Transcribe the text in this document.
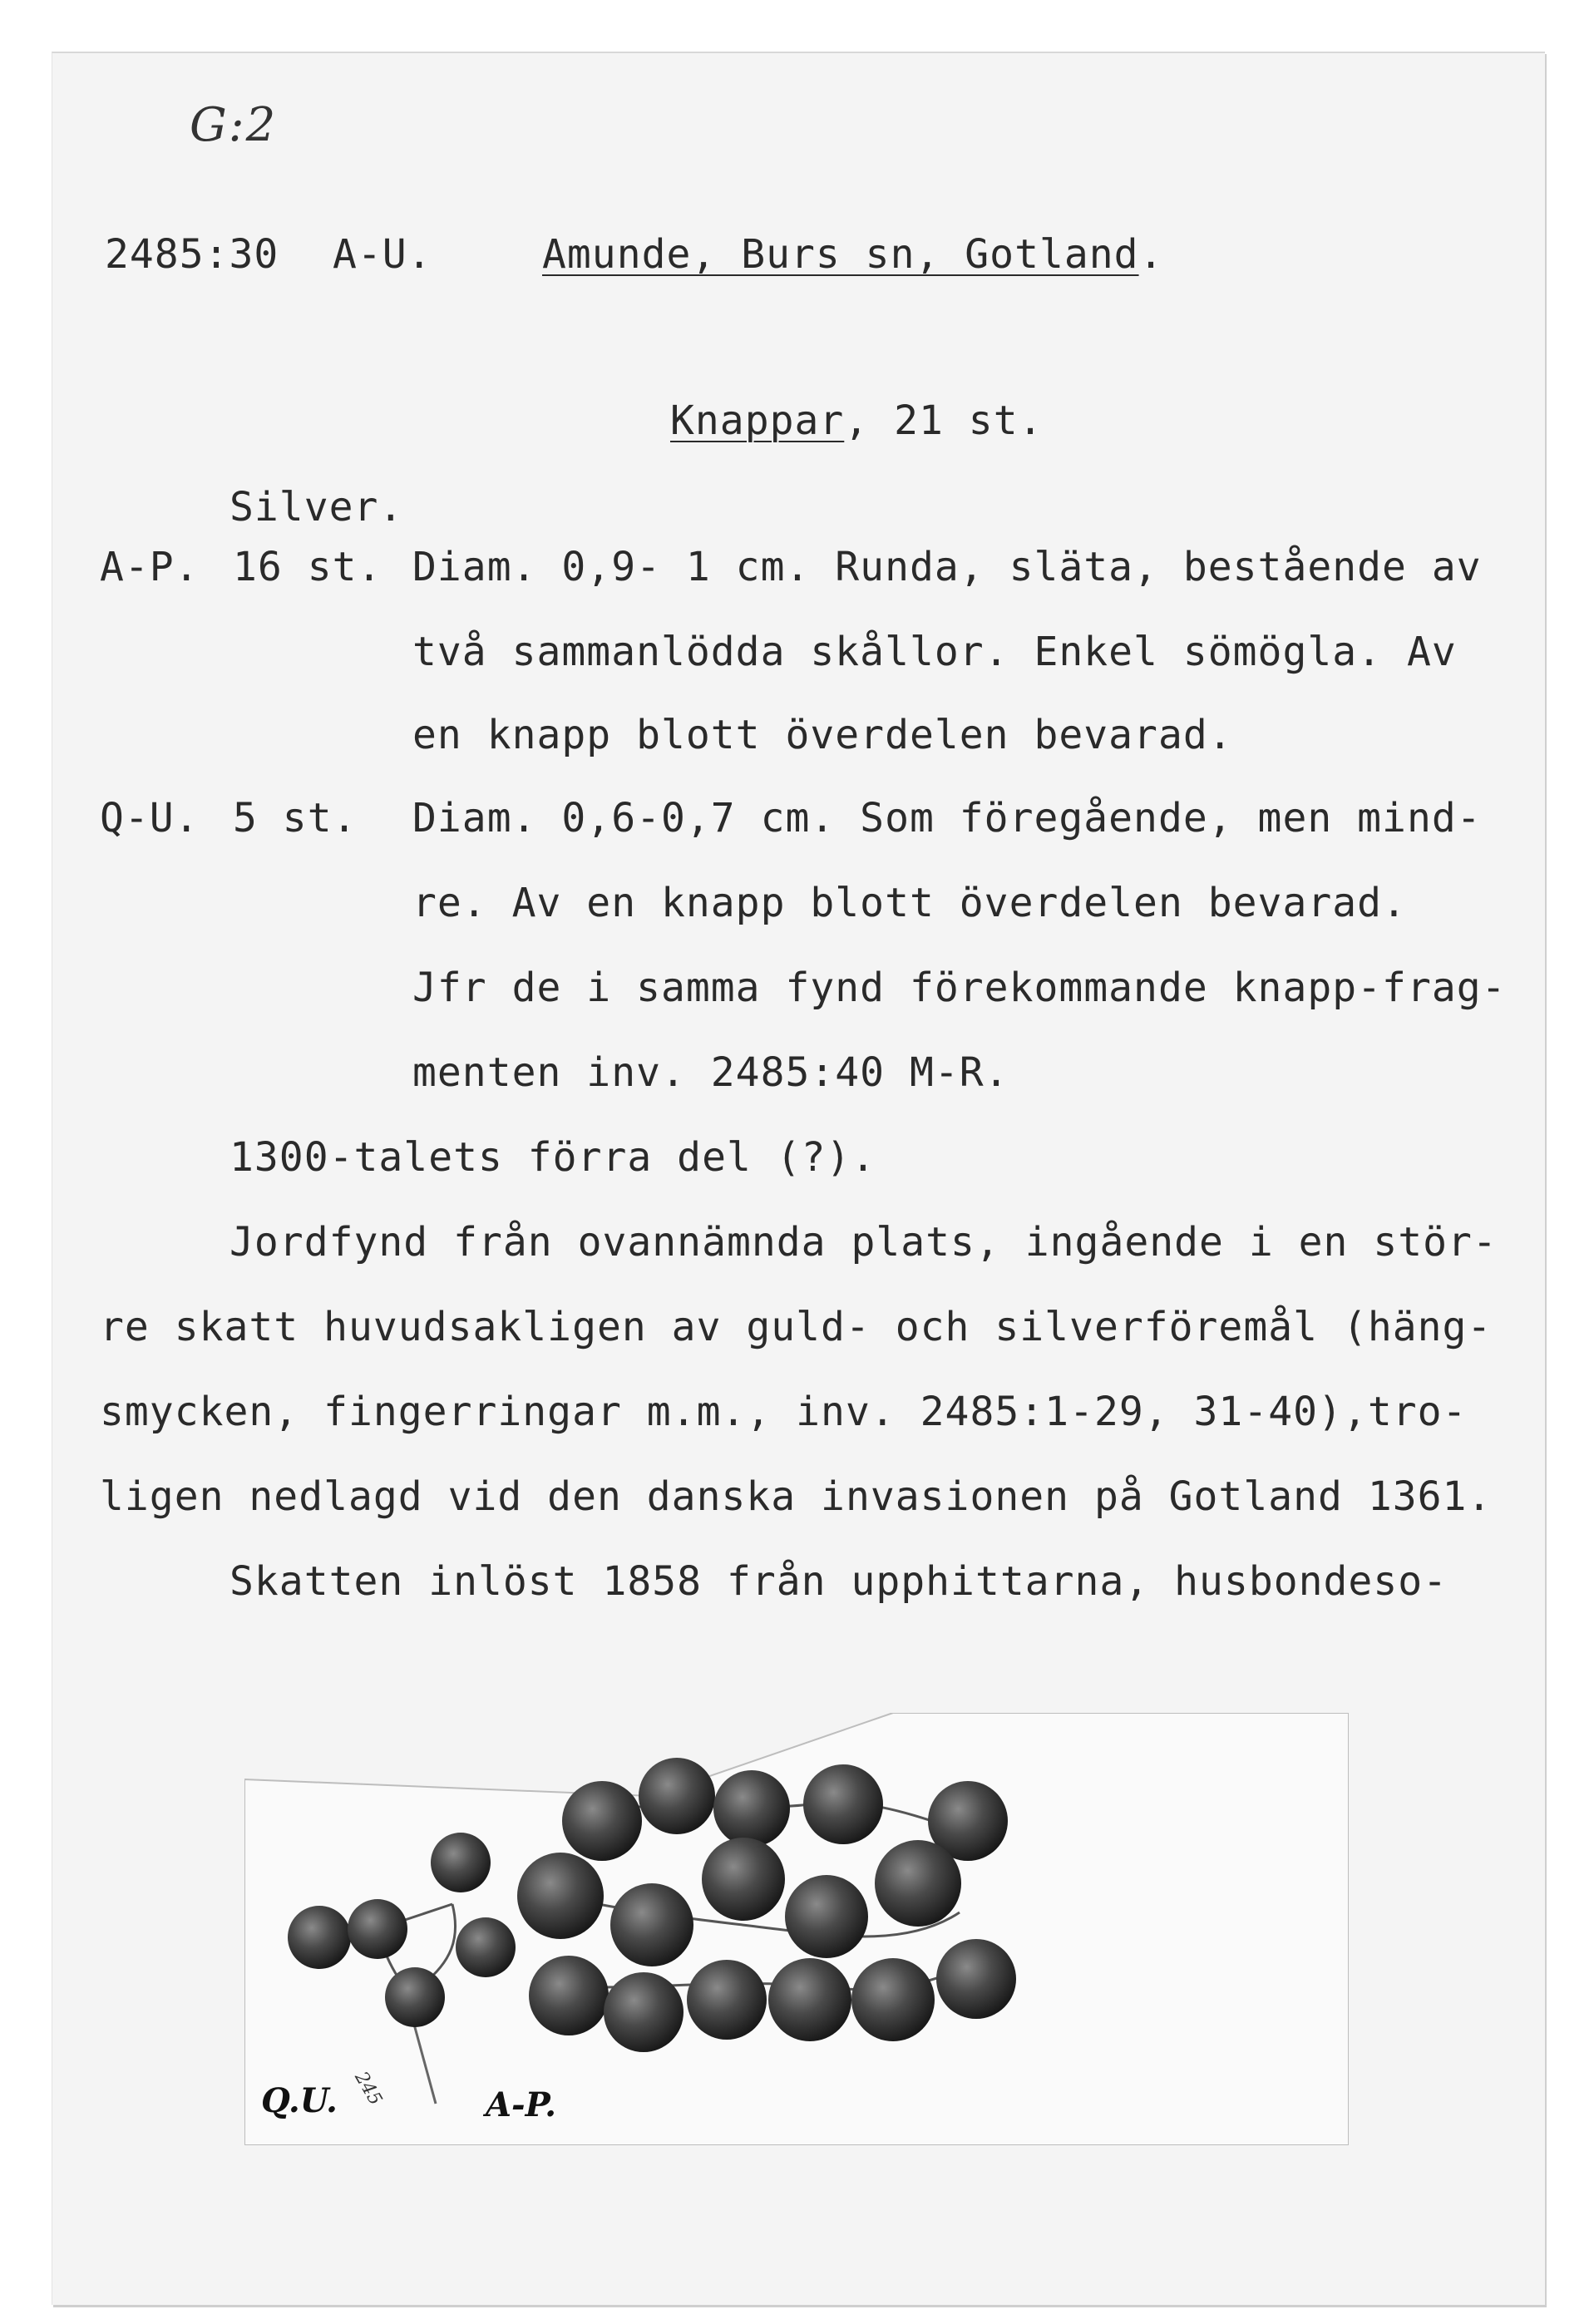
G:2
2485:30 A-U.	Amunde, Burs sn, Gotland.
Knappar, 21 st.
Silver.
A-P. 16 st. Diam. 0,9- 1 cm. Runda, släta, bestående av
två sammanlödda skållor. Enkel sömögla. Av
en knapp blott överdelen bevarad.
Q-U. 5 st. Diam. 0,6-0,7 cm. Som föregående, men mind-
re. Av en knapp blott överdelen bevarad.
Jfr de i samma fynd förekommande knapp-frag-
menten inv. 2485:40 M-R.
1300-talets förra del (?).
Jordfynd från ovannämnda plats, ingående i en stör-
re skatt huvudsakligen av guld- och silverföremål (häng-
smycken, fingerringar m.m., inv. 2485:1-29, 31-40),tro-
ligen nedlagd vid den danska invasionen på Gotland 1361.
Skatten inlöst 1858 från upphittarna, husbondeso-
Q.U. 245	A-P.
